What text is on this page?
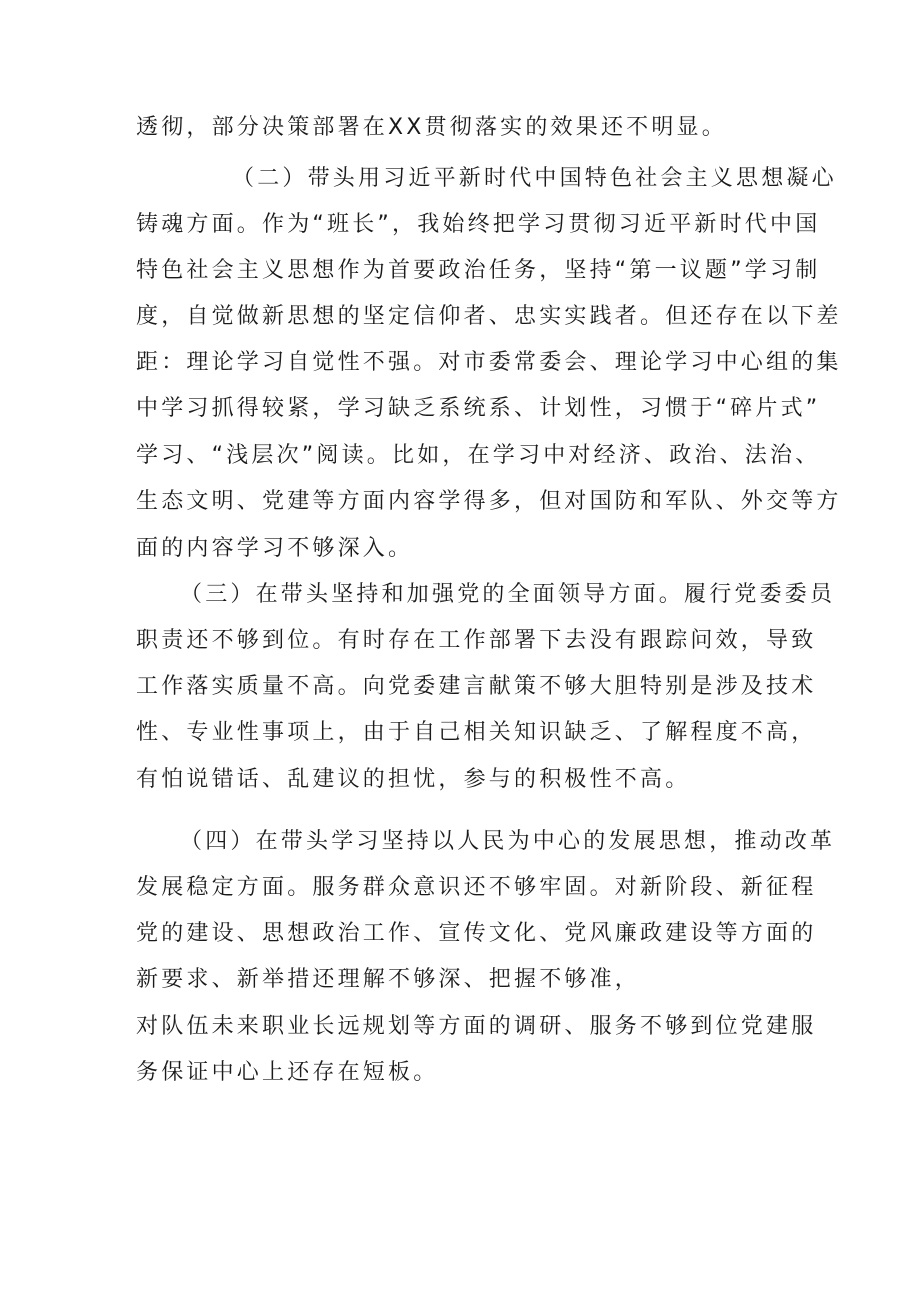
透彻，部分决策部署在XX贯彻落实的效果还不明显。
（二）带头用习近平新时代中国特色社会主义思想凝心
铸魂方面。作为“班长”，我始终把学习贯彻习近平新时代中国
特色社会主义思想作为首要政治任务，坚持“第一议题”学习制
度，自觉做新思想的坚定信仰者、忠实实践者。但还存在以下差
距：理论学习自觉性不强。对市委常委会、理论学习中心组的集
中学习抓得较紧，学习缺乏系统系、计划性，习惯于“碎片式”
学习、“浅层次”阅读。比如，在学习中对经济、政治、法治、
生态文明、党建等方面内容学得多，但对国防和军队、外交等方
面的内容学习不够深入。
（三）在带头坚持和加强党的全面领导方面。履行党委委员
职责还不够到位。有时存在工作部署下去没有跟踪问效，导致
工作落实质量不高。向党委建言献策不够大胆特别是涉及技术
性、专业性事项上，由于自己相关知识缺乏、了解程度不高，
有怕说错话、乱建议的担忧，参与的积极性不高。
（四）在带头学习坚持以人民为中心的发展思想，推动改革
发展稳定方面。服务群众意识还不够牢固。对新阶段、新征程
党的建设、思想政治工作、宣传文化、党风廉政建设等方面的
新要求、新举措还理解不够深、把握不够准，
对队伍未来职业长远规划等方面的调研、服务不够到位党建服
务保证中心上还存在短板。
